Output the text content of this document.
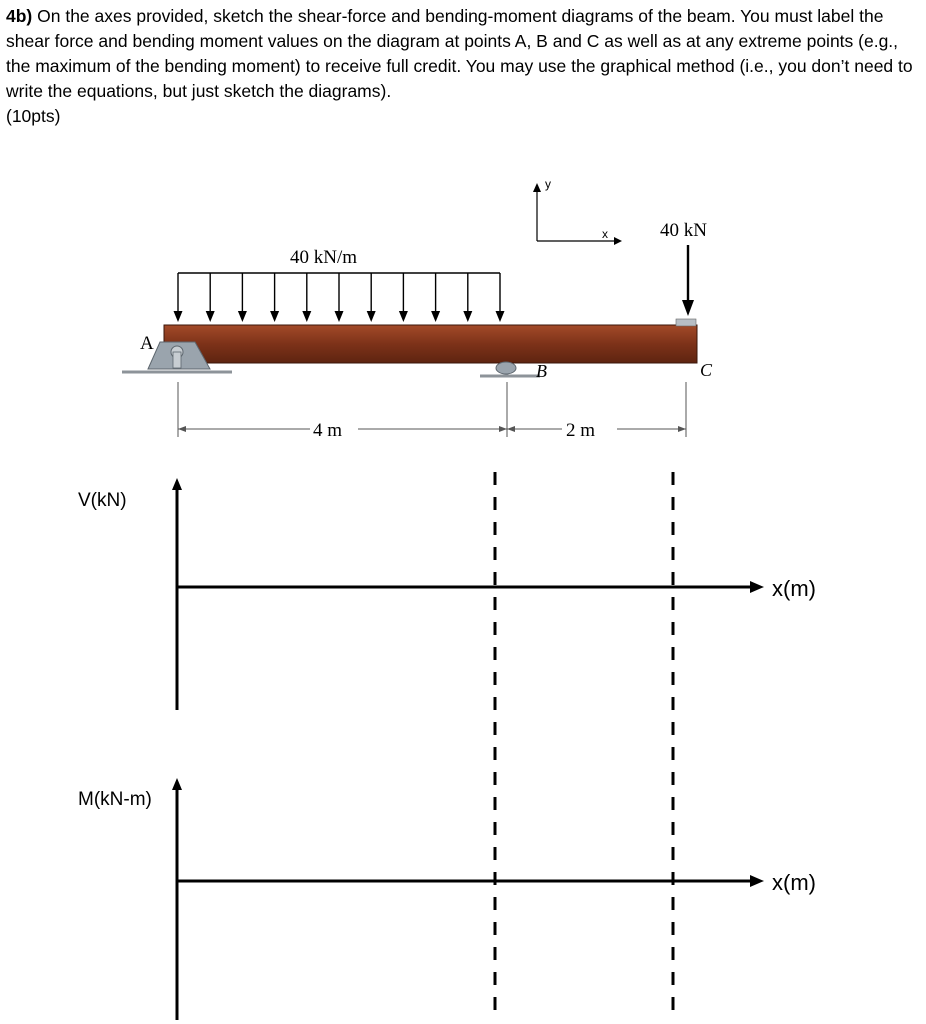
4b) On the axes provided, sketch the shear-force and bending-moment diagrams of the beam. You must label the shear force and bending moment values on the diagram at points A, B and C as well as at any extreme points (e.g., the maximum of the bending moment) to receive full credit. You may use the graphical method (i.e., you don’t need to write the equations, but just sketch the diagrams).
(10pts)
y
x
40 kN/m
40 kN
A
B	C
4 m	2 m
V(kN)
x(m)
M(kN-m)
x(m)
